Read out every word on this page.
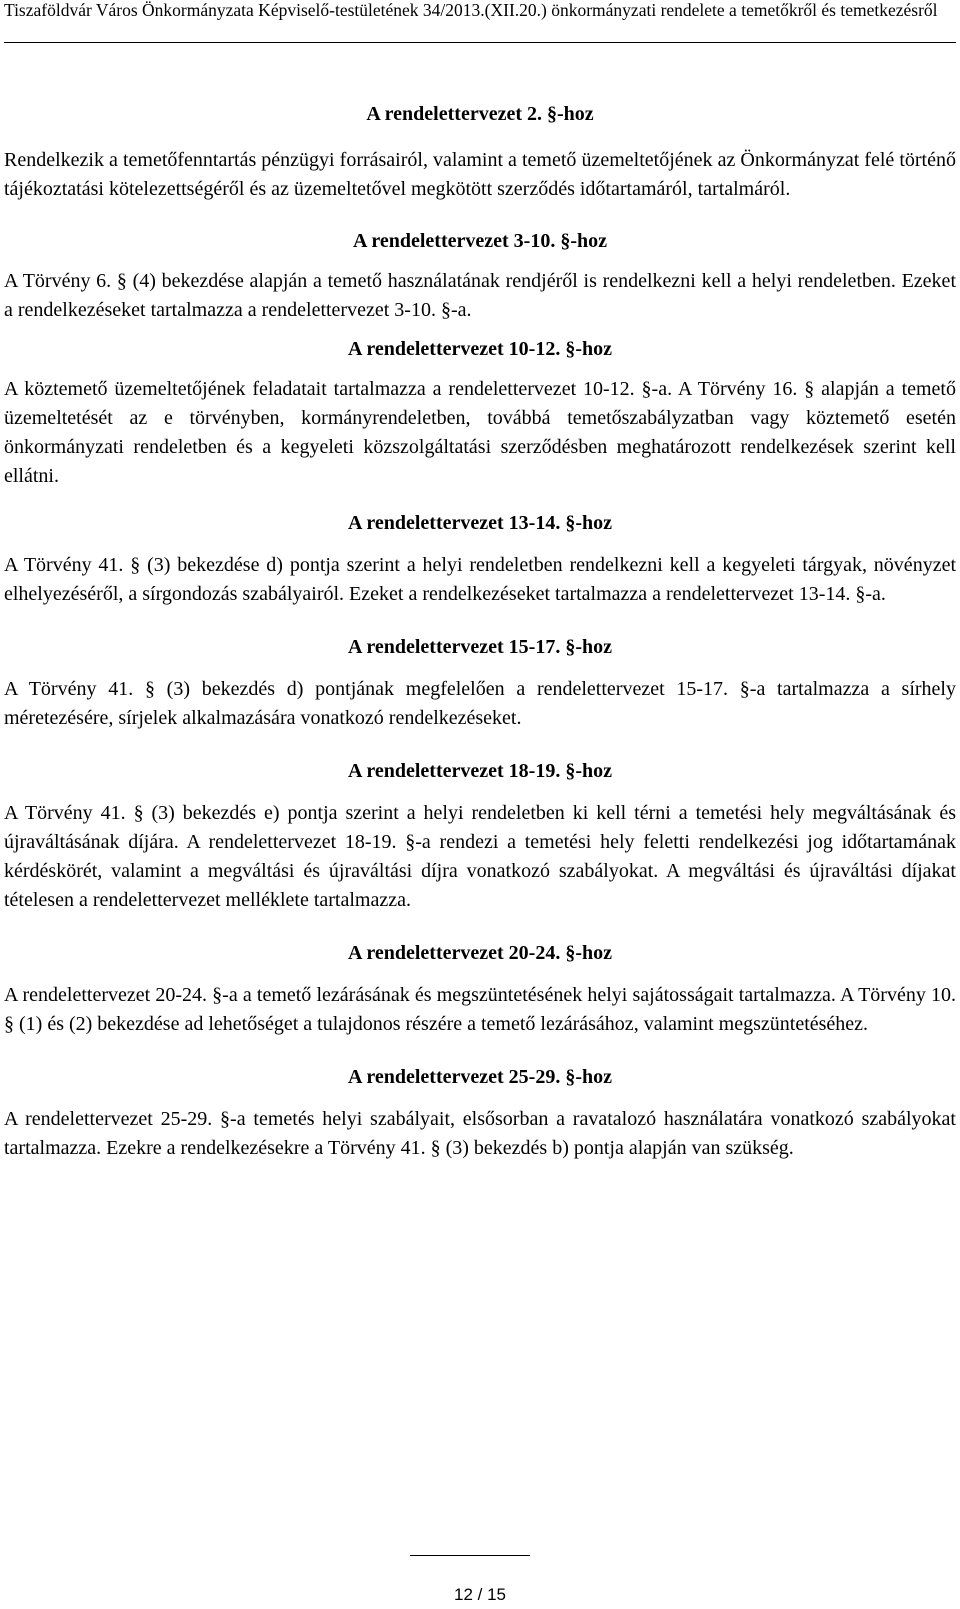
Tiszaföldvár Város Önkormányzata Képviselő-testületének 34/2013.(XII.20.) önkormányzati rendelete a temetőkről és temetkezésről

A rendelettervezet 2. §-hoz

Rendelkezik a temetőfenntartás pénzügyi forrásairól, valamint a temető üzemeltetőjének az Önkormányzat felé történő tájékoztatási kötelezettségéről és az üzemeltetővel megkötött szerződés időtartamáról, tartalmáról.

A rendelettervezet 3-10. §-hoz

A Törvény 6. § (4) bekezdése alapján a temető használatának rendjéről is rendelkezni kell a helyi rendeletben. Ezeket a rendelkezéseket tartalmazza a rendelettervezet 3-10. §-a.

A rendelettervezet 10-12. §-hoz

A köztemető üzemeltetőjének feladatait tartalmazza a rendelettervezet 10-12. §-a. A Törvény 16. § alapján a temető üzemeltetését az e törvényben, kormányrendeletben, továbbá temetőszabályzatban vagy köztemető esetén önkormányzati rendeletben és a kegyeleti közszolgáltatási szerződésben meghatározott rendelkezések szerint kell ellátni.

A rendelettervezet 13-14. §-hoz

A Törvény 41. § (3) bekezdése d) pontja szerint a helyi rendeletben rendelkezni kell a kegyeleti tárgyak, növényzet elhelyezéséről, a sírgondozás szabályairól. Ezeket a rendelkezéseket tartalmazza a rendelettervezet 13-14. §-a.

A rendelettervezet 15-17. §-hoz

A Törvény 41. § (3) bekezdés d) pontjának megfelelően a rendelettervezet 15-17. §-a tartalmazza a sírhely méretezésére, sírjelek alkalmazására vonatkozó rendelkezéseket.

A rendelettervezet 18-19. §-hoz

A Törvény 41. § (3) bekezdés e) pontja szerint a helyi rendeletben ki kell térni a temetési hely megváltásának és újraváltásának díjára. A rendelettervezet 18-19. §-a rendezi a temetési hely feletti rendelkezési jog időtartamának kérdéskörét, valamint a megváltási és újraváltási díjra vonatkozó szabályokat. A megváltási és újraváltási díjakat tételesen a rendelettervezet melléklete tartalmazza.

A rendelettervezet 20-24. §-hoz

A rendelettervezet 20-24. §-a a temető lezárásának és megszüntetésének helyi sajátosságait tartalmazza. A Törvény 10. § (1) és (2) bekezdése ad lehetőséget a tulajdonos részére a temető lezárásához, valamint megszüntetéséhez.

A rendelettervezet 25-29. §-hoz

A rendelettervezet 25-29. §-a temetés helyi szabályait, elsősorban a ravatalozó használatára vonatkozó szabályokat tartalmazza. Ezekre a rendelkezésekre a Törvény 41. § (3) bekezdés b) pontja alapján van szükség.

12 / 15
